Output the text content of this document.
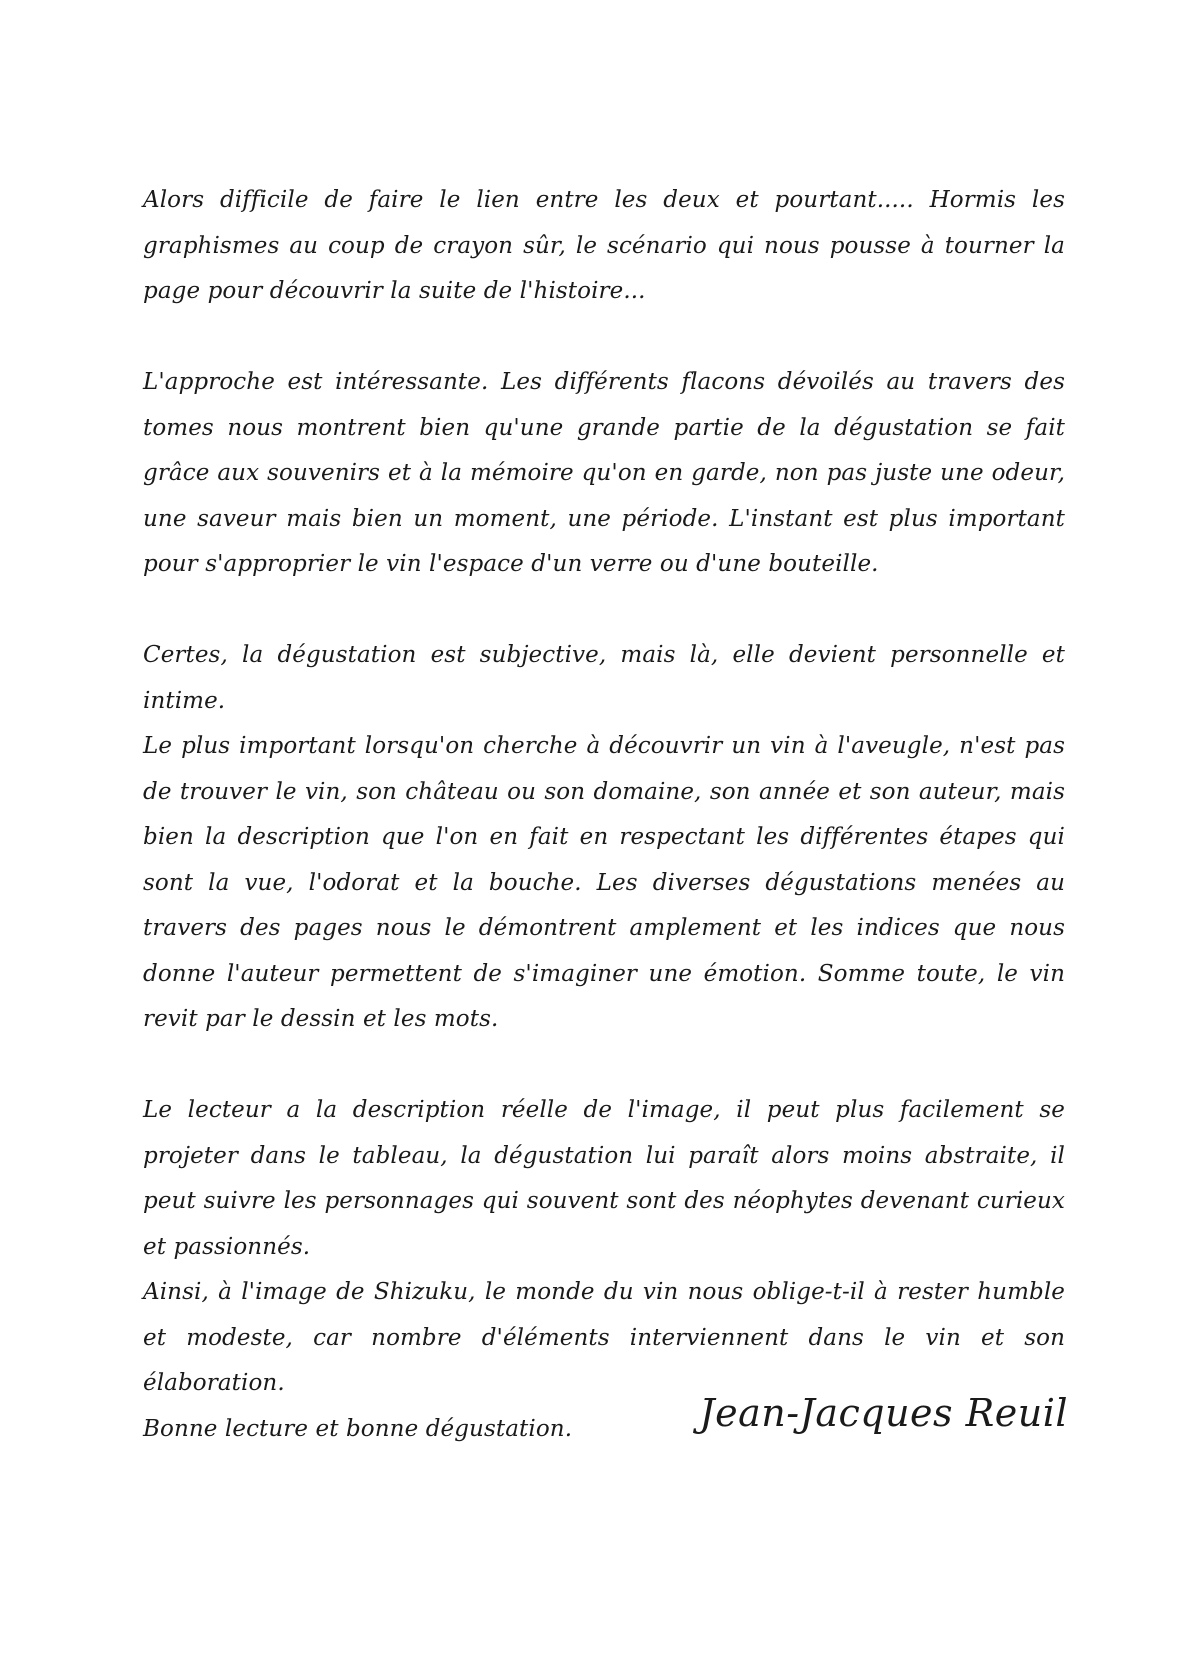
Alors difficile de faire le lien entre les deux et pourtant..... Hormis les graphismes au coup de crayon sûr, le scénario qui nous pousse à tourner la page pour découvrir la suite de l'histoire...

L'approche est intéressante. Les différents flacons dévoilés au travers des tomes nous montrent bien qu'une grande partie de la dégustation se fait grâce aux souvenirs et à la mémoire qu'on en garde, non pas juste une odeur, une saveur mais bien un moment, une période. L'instant est plus important pour s'approprier le vin l'espace d'un verre ou d'une bouteille.

Certes, la dégustation est subjective, mais là, elle devient personnelle et intime.

Le plus important lorsqu'on cherche à découvrir un vin à l'aveugle, n'est pas de trouver le vin, son château ou son domaine, son année et son auteur, mais bien la description que l'on en fait en respectant les différentes étapes qui sont la vue, l'odorat et la bouche. Les diverses dégustations menées au travers des pages nous le démontrent amplement et les indices que nous donne l'auteur permettent de s'imaginer une émotion. Somme toute, le vin revit par le dessin et les mots.

Le lecteur a la description réelle de l'image, il peut plus facilement se projeter dans le tableau, la dégustation lui paraît alors moins abstraite, il peut suivre les personnages qui souvent sont des néophytes devenant curieux et passionnés.

Ainsi, à l'image de Shizuku, le monde du vin nous oblige-t-il à rester humble et modeste, car nombre d'éléments interviennent dans le vin et son élaboration.

Bonne lecture et bonne dégustation.	Jean-Jacques Reuil
